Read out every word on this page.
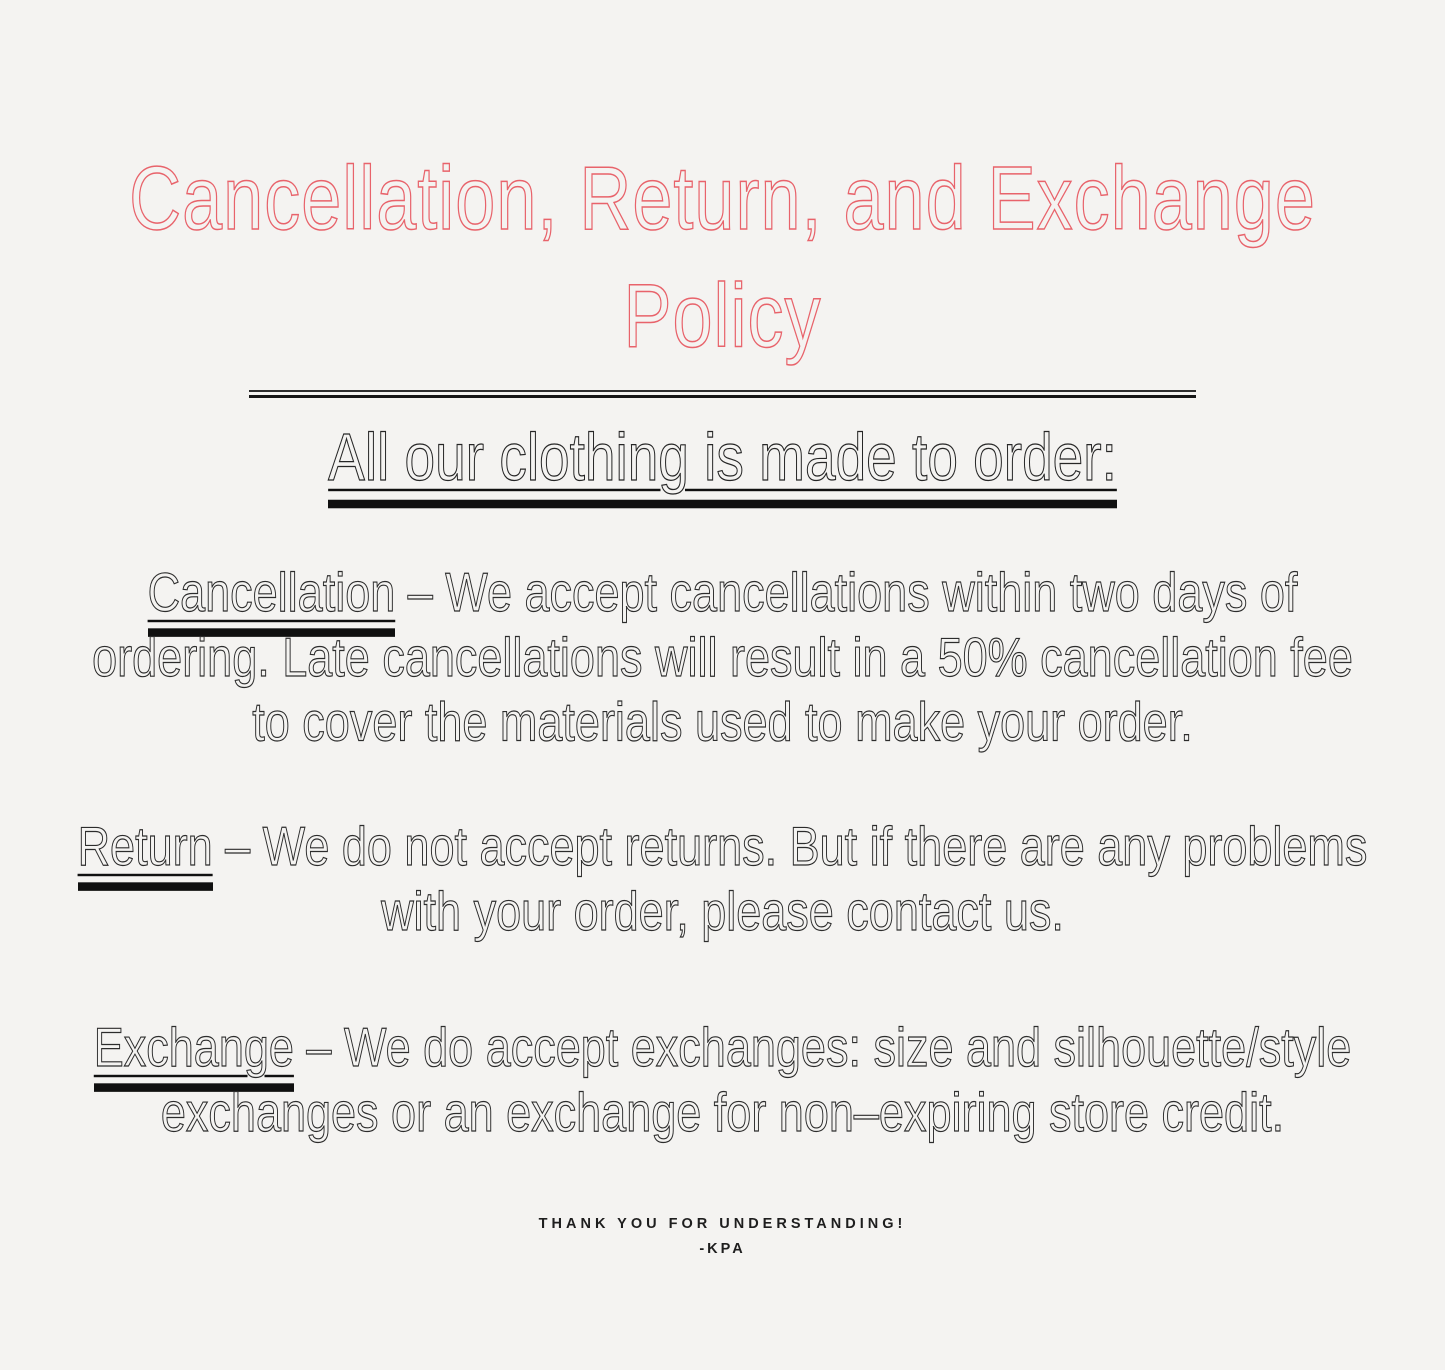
Cancellation, Return, and Exchange Policy
All our clothing is made to order:

Cancellation – We accept cancellations within two days of ordering. Late cancellations will result in a 50% cancellation fee to cover the materials used to make your order.

Return – We do not accept returns. But if there are any problems with your order, please contact us.

Exchange – We do accept exchanges: size and silhouette/style exchanges or an exchange for non–expiring store credit.

THANK YOU FOR UNDERSTANDING!

-KPA
